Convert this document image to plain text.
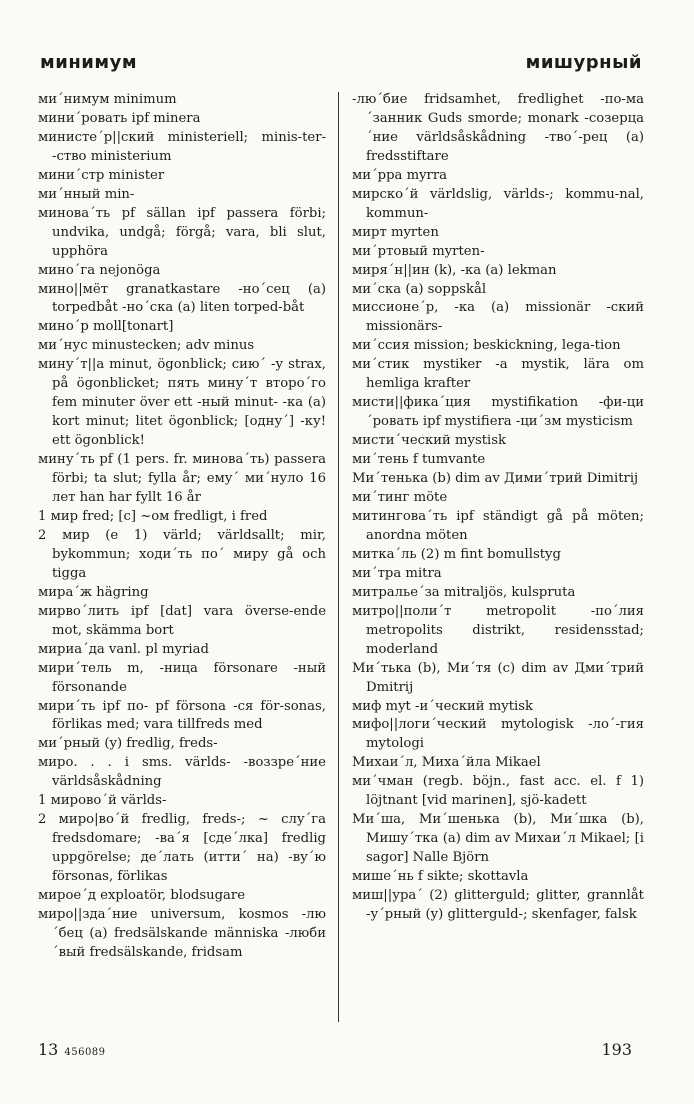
минимум	мишурный

ми´нимум minimum

мини´ровать ipf minera

министе´р||ский ministeriell; minis-ter- -ство ministerium

мини´стр minister

ми´нный min-

минова´ть pf sällan ipf passera förbi; undvika, undgå; förgå; vara, bli slut, upphöra

мино´га nejonöga

мино||мёт granatkastare -но´сец (a) torpedbåt -но´ска (a) liten torped-båt

мино´р moll[tonart]

ми´нус minustecken; adv minus

мину´т||а minut, ögonblick; сию´ -у strax, på ögonblicket; пять мину´т второ´го fem minuter över ett -ный minut- -ка (a) kort minut; litet ögonblick; [одну´] -ку! ett ögonblick!

мину´ть pf (1 pers. fr. минова´ть) passera förbi; ta slut; fylla år; ему´ ми´нуло 16 лет han har fyllt 16 år

1 мир fred; [c] ~ом fredligt, i fred

2 мир (e 1) värld; världsallt; mir, bykommun; ходи´ть по´ миру gå och tigga

мира´ж hägring

мирво´лить ipf [dat] vara överse-ende mot, skämma bort

мириа´да vanl. pl myriad

мири´тель m, -ница försonare -ный försonande

мири´ть ipf по- pf försona -ся för-sonas, förlikas med; vara tillfreds med

ми´рный (y) fredlig, freds-

миро. . . i sms. världs- -воззре´ние världsåskådning

1 мирово´й världs-

2 миро|во´й fredlig, freds-; ~ слу´га fredsdomare; -ва´я [сде´лка] fredlig uppgörelse; де´лать (итти´ на) -ву´ю försonas, förlikas

мироe´д exploatör, blodsugare

миро||зда´ние universum, kosmos -лю´бец (a) fredsälskande människa -люби´вый fredsälskande, fridsam

-лю´бие fridsamhet, fredlighet -по-ма´занник Guds smorde; monark -созерца´ние världsåskådning -тво´-рец (a) fredsstiftare

ми´рра myrra

мирско´й världslig, världs-; kommu-nal, kommun-

мирт myrten

ми´ртовый myrten-

миря´н||ин (k), -ка (a) lekman

ми´ска (a) soppskål

миссионе´р, -ка (a) missionär -ский missionärs-

ми´ссия mission; beskickning, lega-tion

ми´стик mystiker -а mystik, lära om hemliga krafter

мисти||фика´ция mystifikation -фи-ци´ровать ipf mystifiera -ци´зм mysticism

мисти´ческий mystisk

ми´тень f tumvante

Ми´тенька (b) dim av Дими´трий Dimitrij

ми´тинг möte

митингова´ть ipf ständigt gå på möten; anordna möten

митка´ль (2) m fint bomullstyg

ми´тра mitra

митралье´за mitraljös, kulspruta

митро||поли´т metropolit -по´лия metropolits distrikt, residensstad; moderland

Ми´тька (b), Ми´тя (c) dim av Дми´трий Dmitrij

миф myt -и´ческий mytisk

мифо||логи´ческий mytologisk -ло´-гия mytologi

Михаи´л, Миха´йла Mikael

ми´чман (regb. böjn., fast acc. el. f 1) löjtnant [vid marinen], sjö-kadett

Ми´ша, Ми´шенька (b), Ми´шка (b), Мишу´тка (a) dim av Михаи´л Mikael; [i sagor] Nalle Björn

мише´нь f sikte; skottavla

миш||ура´ (2) glitterguld; glitter, grannlåt -у´рный (y) glitterguld-; skenfager, falsk

13 456089	193
